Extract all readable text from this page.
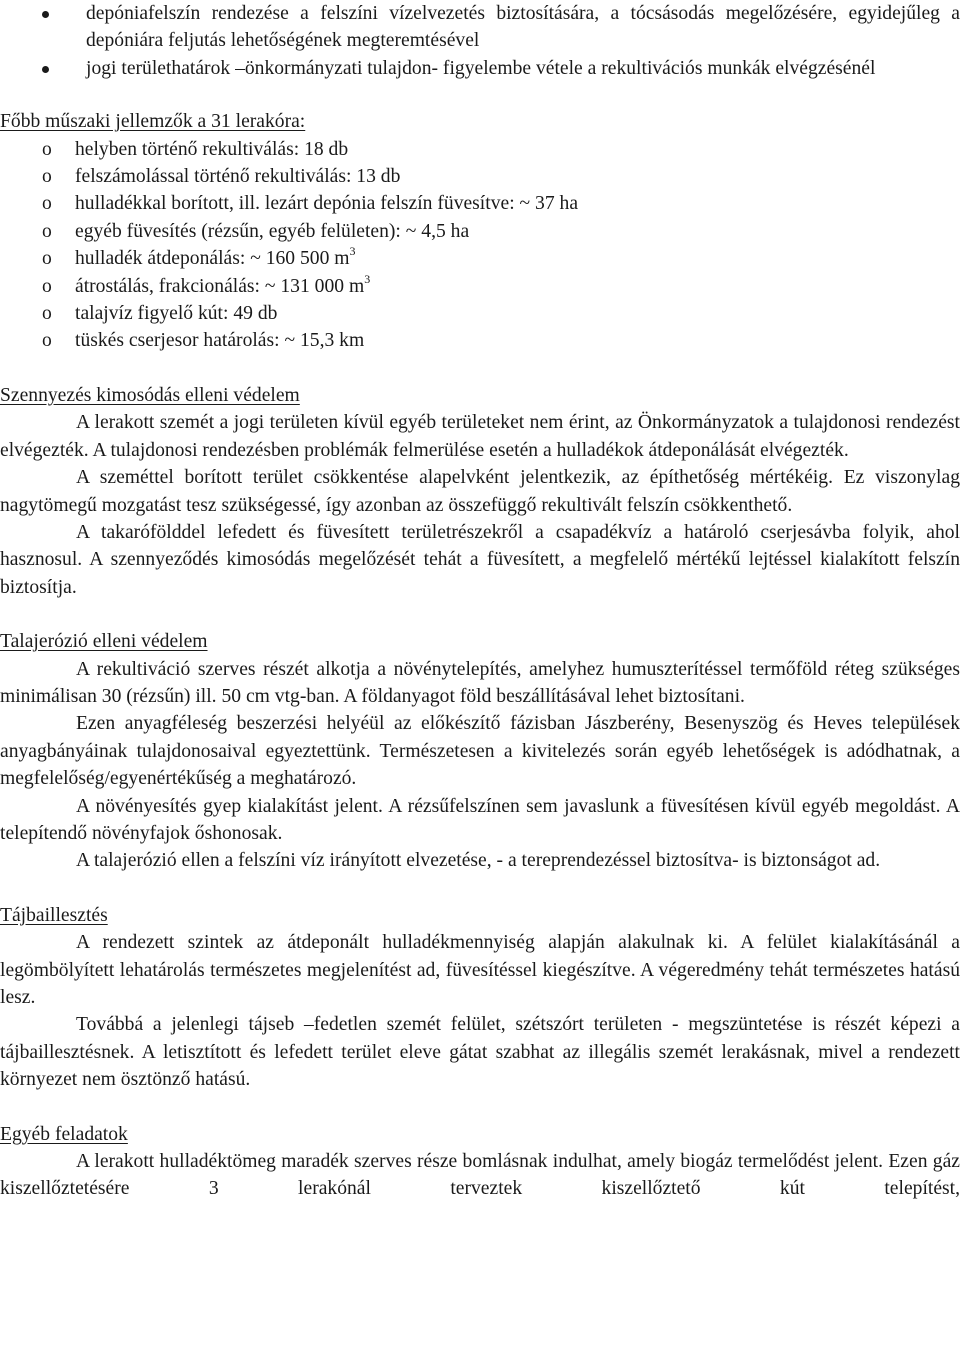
depóniafelszín rendezése a felszíni vízelvezetés biztosítására, a tócsásodás megelőzésére, egyidejűleg a depóniára feljutás lehetőségének megteremtésével
jogi területhatárok –önkormányzati tulajdon- figyelembe vétele a rekultivációs munkák elvégzésénél
Főbb műszaki jellemzők a 31 lerakóra:
o helyben történő rekultiválás: 18 db
o felszámolással történő rekultiválás: 13 db
o hulladékkal borított, ill. lezárt depónia felszín füvesítve: ~ 37 ha
o egyéb füvesítés (rézsűn, egyéb felületen): ~ 4,5 ha
o hulladék átdeponálás: ~ 160 500 $m^3$
o átrostálás, frakcionálás: ~ 131 000 $m^3$
o talajvíz figyelő kút: 49 db
o tüskés cserjesor határolás: ~ 15,3 km
Szennyezés kimosódás elleni védelem

A lerakott szemét a jogi területen kívül egyéb területeket nem érint, az Önkormányzatok a tulajdonosi rendezést elvégezték. A tulajdonosi rendezésben problémák felmerülése esetén a hulladékok átdeponálását elvégezték.

A szeméttel borított terület csökkentése alapelvként jelentkezik, az építhetőség mértékéig. Ez viszonylag nagytömegű mozgatást tesz szükségessé, így azonban az összefüggő rekultivált felszín csökkenthető.

A takarófölddel lefedett és füvesített területrészekről a csapadékvíz a határoló cserjesávba folyik, ahol hasznosul. A szennyeződés kimosódás megelőzését tehát a füvesített, a megfelelő mértékű lejtéssel kialakított felszín biztosítja.

Talajerózió elleni védelem

A rekultiváció szerves részét alkotja a növénytelepítés, amelyhez humuszterítéssel termőföld réteg szükséges minimálisan 30 (rézsűn) ill. 50 cm vtg-ban. A földanyagot föld beszállításával lehet biztosítani.

Ezen anyagféleség beszerzési helyéül az előkészítő fázisban Jászberény, Besenyszög és Heves települések anyagbányáinak tulajdonosaival egyeztettünk. Természetesen a kivitelezés során egyéb lehetőségek is adódhatnak, a megfelelőség/egyenértékűség a meghatározó.

A növényesítés gyep kialakítást jelent. A rézsűfelszínen sem javaslunk a füvesítésen kívül egyéb megoldást. A telepítendő növényfajok őshonosak.

A talajerózió ellen a felszíni víz irányított elvezetése, - a tereprendezéssel biztosítva- is biztonságot ad.

Tájbaillesztés

A rendezett szintek az átdeponált hulladékmennyiség alapján alakulnak ki. A felület kialakításánál a legömbölyített lehatárolás természetes megjelenítést ad, füvesítéssel kiegészítve. A végeredmény tehát természetes hatású lesz.

Továbbá a jelenlegi tájseb –fedetlen szemét felület, szétszórt területen - megszüntetése is részét képezi a tájbaillesztésnek. A letisztított és lefedett terület eleve gátat szabhat az illegális szemét lerakásnak, mivel a rendezett környezet nem ösztönző hatású.

Egyéb feladatok

A lerakott hulladéktömeg maradék szerves része bomlásnak indulhat, amely biogáz termelődést jelent. Ezen gáz kiszellőztetésére 3 lerakónál terveztek kiszellőztető kút telepítést,
